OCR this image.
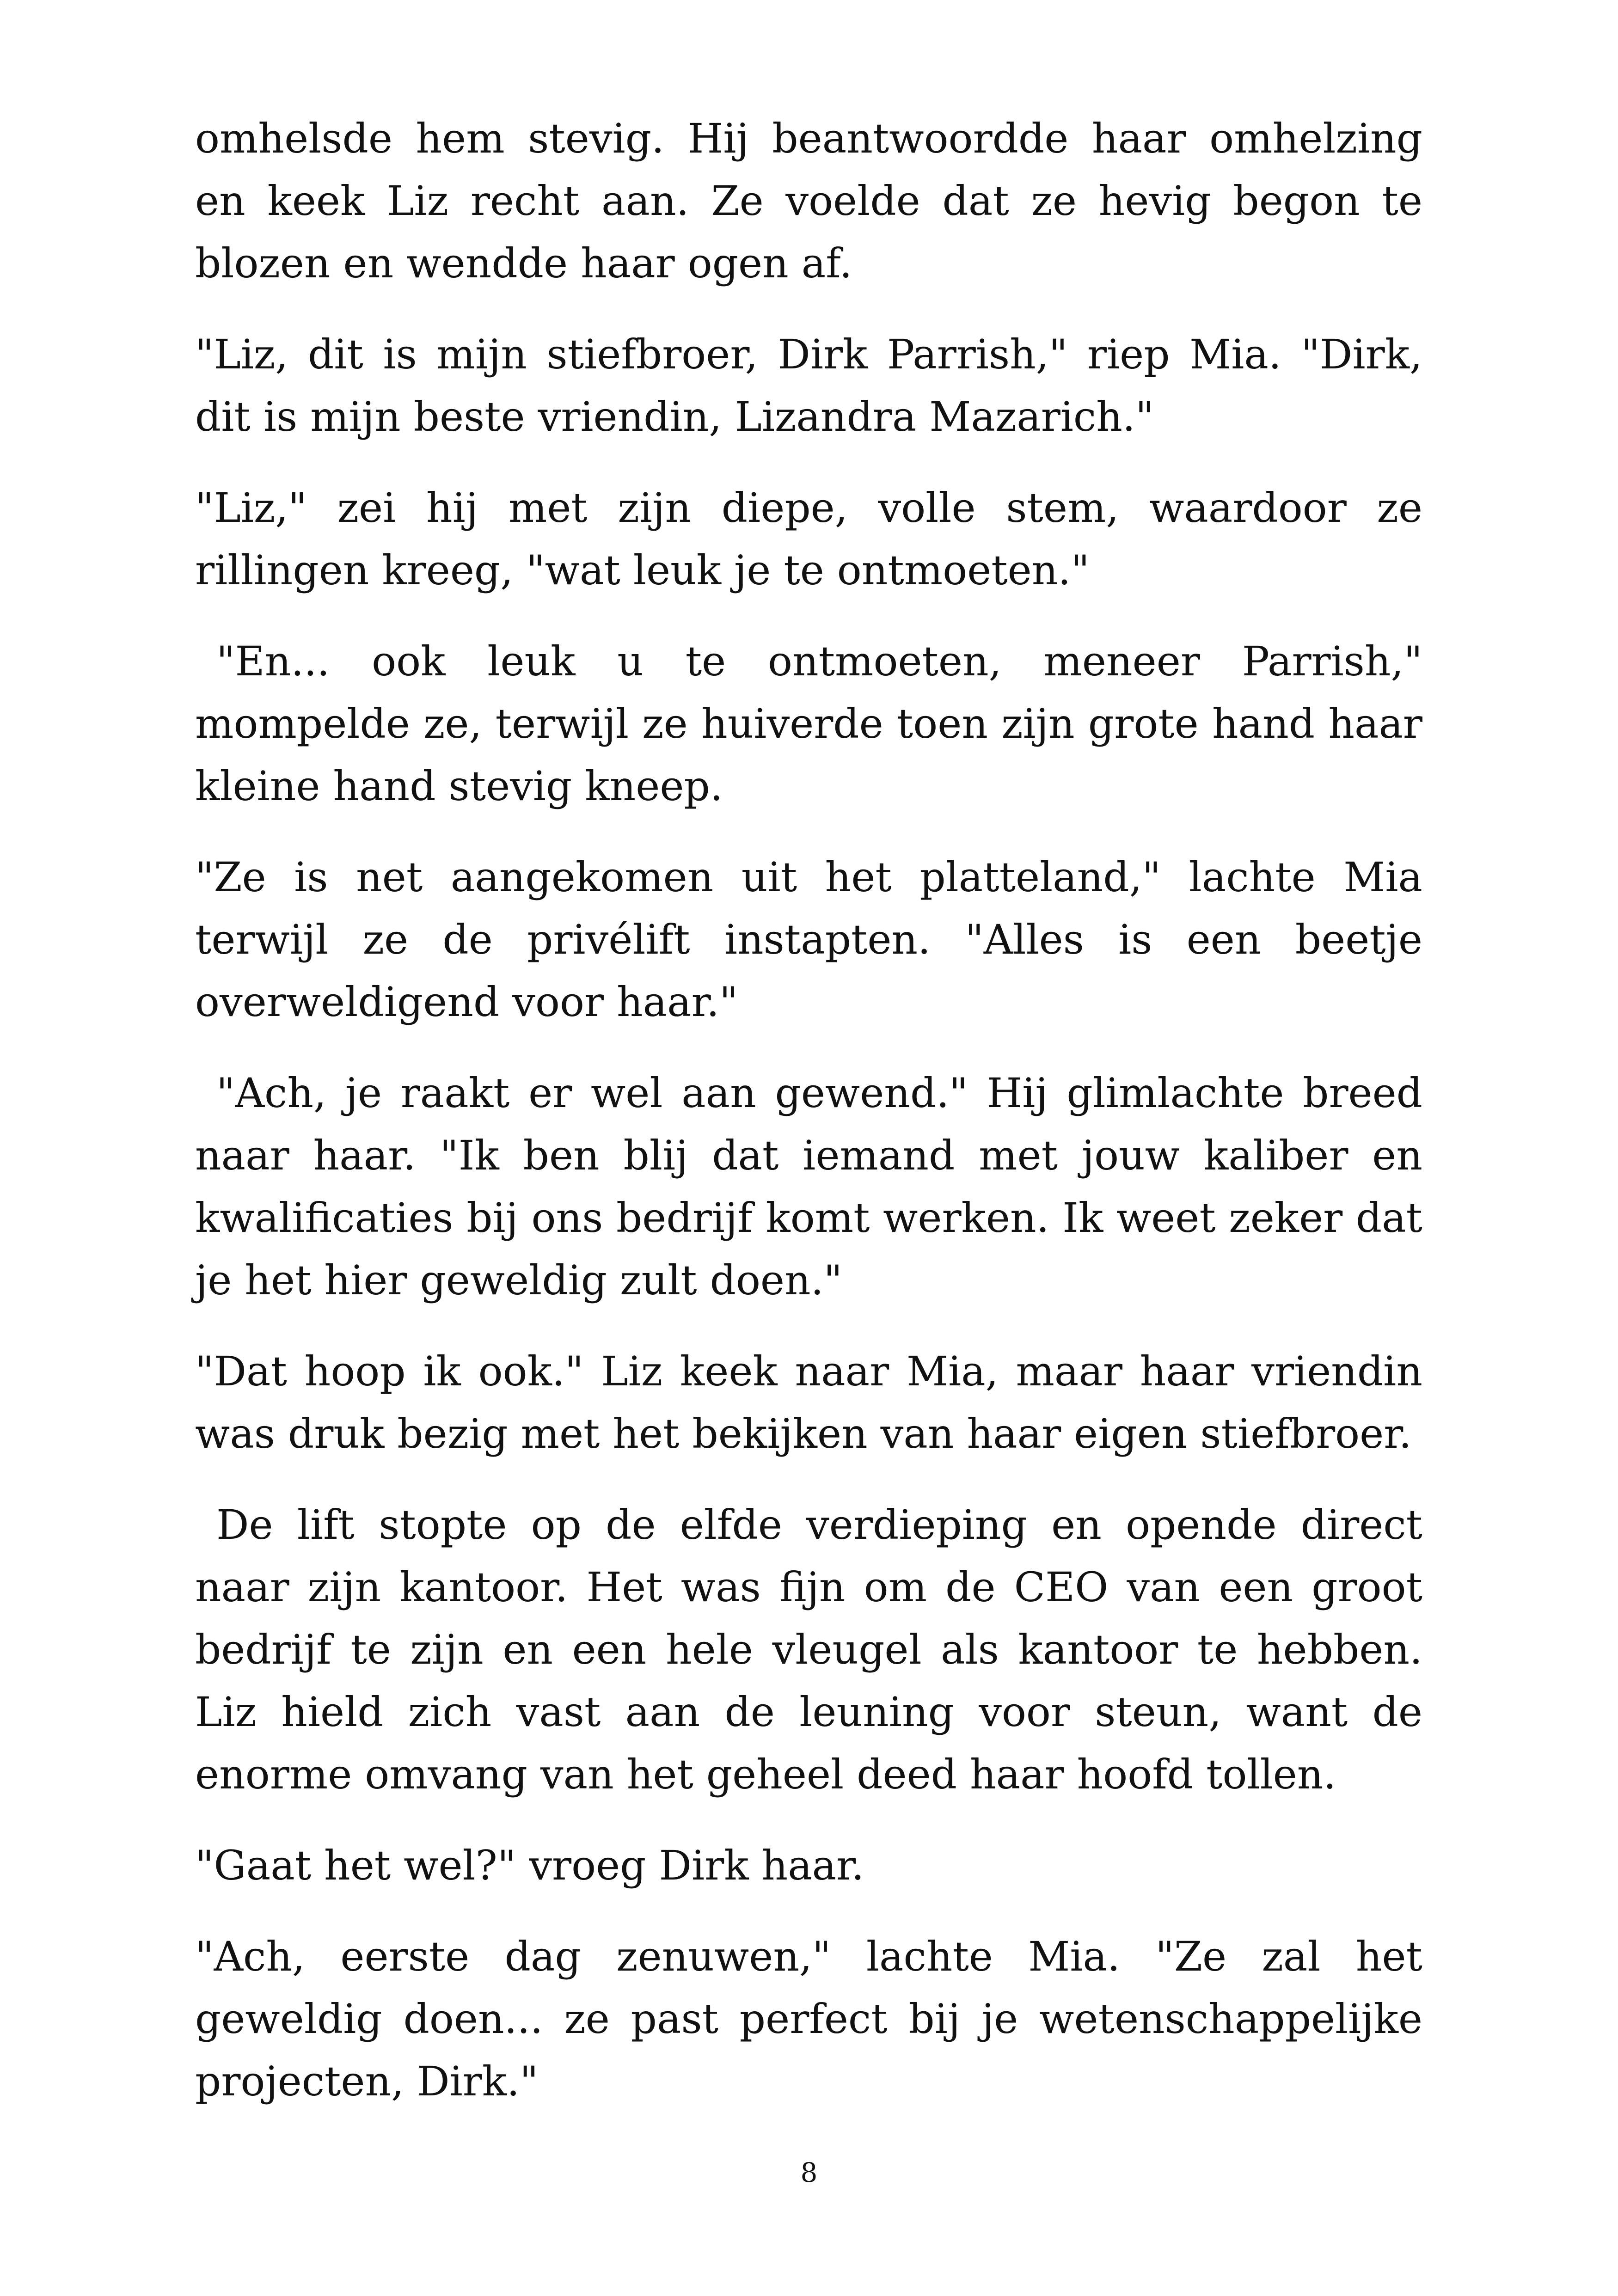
omhelsde hem stevig. Hij beantwoordde haar omhelzing en keek Liz recht aan. Ze voelde dat ze hevig begon te blozen en wendde haar ogen af.

"Liz, dit is mijn stiefbroer, Dirk Parrish," riep Mia. "Dirk, dit is mijn beste vriendin, Lizandra Mazarich."

"Liz," zei hij met zijn diepe, volle stem, waardoor ze rillingen kreeg, "wat leuk je te ontmoeten."

"En... ook leuk u te ontmoeten, meneer Parrish," mompelde ze, terwijl ze huiverde toen zijn grote hand haar kleine hand stevig kneep.

"Ze is net aangekomen uit het platteland," lachte Mia terwijl ze de privélift instapten. "Alles is een beetje overweldigend voor haar."

"Ach, je raakt er wel aan gewend." Hij glimlachte breed naar haar. "Ik ben blij dat iemand met jouw kaliber en kwalificaties bij ons bedrijf komt werken. Ik weet zeker dat je het hier geweldig zult doen."

"Dat hoop ik ook." Liz keek naar Mia, maar haar vriendin was druk bezig met het bekijken van haar eigen stiefbroer.

De lift stopte op de elfde verdieping en opende direct naar zijn kantoor. Het was fijn om de CEO van een groot bedrijf te zijn en een hele vleugel als kantoor te hebben. Liz hield zich vast aan de leuning voor steun, want de enorme omvang van het geheel deed haar hoofd tollen.

"Gaat het wel?" vroeg Dirk haar.

"Ach, eerste dag zenuwen," lachte Mia. "Ze zal het geweldig doen... ze past perfect bij je wetenschappelijke projecten, Dirk."

8
